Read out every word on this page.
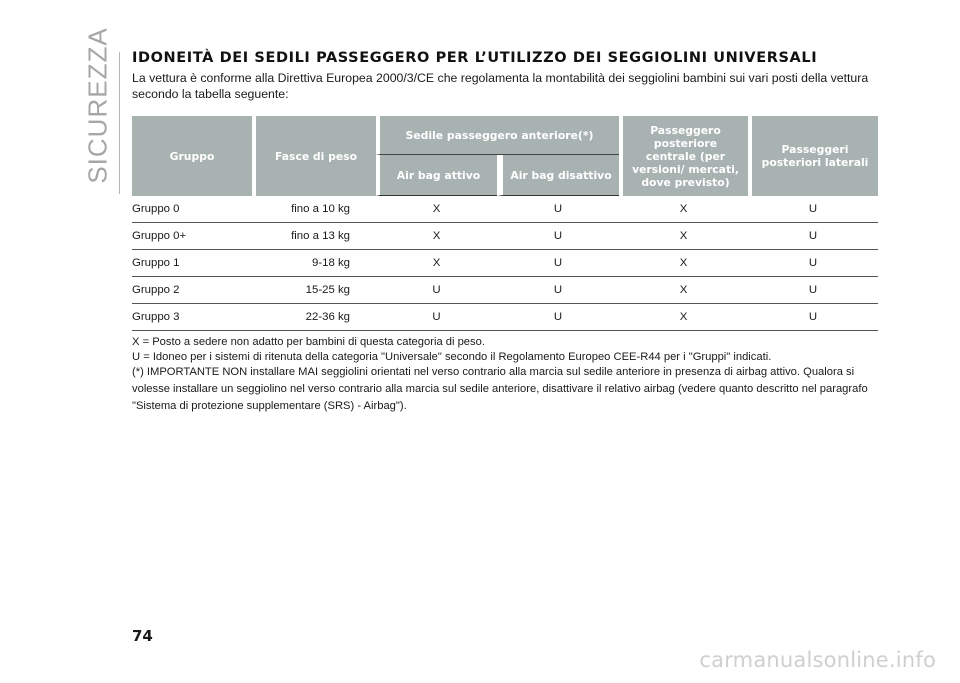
SICUREZZA IDONEITÀ DEI SEDILI PASSEGGERO PER L’UTILIZZO DEI SEGGIOLINI UNIVERSALI

La vettura è conforme alla Direttiva Europea 2000/3/CE che regolamenta la montabilità dei seggiolini bambini sui vari posti della vettura secondo la tabella seguente:

Gruppo	Fasce di peso	Sedile passeggero anteriore(*)		Passeggero posteriore centrale (per versioni/ mercati, dove previsto)	Passeggeri posteriori laterali
		Air bag attivo	Air bag disattivo		
Gruppo 0	fino a 10 kg	X	U	X	U
Gruppo 0+	fino a 13 kg	X	U	X	U
Gruppo 1	9-18 kg	X	U	X	U
Gruppo 2	15-25 kg	U	U	X	U
Gruppo 3	22-36 kg	U	U	X	U

X = Posto a sedere non adatto per bambini di questa categoria di peso.

U = Idoneo per i sistemi di ritenuta della categoria "Universale" secondo il Regolamento Europeo CEE-R44 per i "Gruppi" indicati.

(*) IMPORTANTE NON installare MAI seggiolini orientati nel verso contrario alla marcia sul sedile anteriore in presenza di airbag attivo. Qualora si volesse installare un seggiolino nel verso contrario alla marcia sul sedile anteriore, disattivare il relativo airbag (vedere quanto descritto nel paragrafo "Sistema di protezione supplementare (SRS) - Airbag").

74
carmanualsonline.info
